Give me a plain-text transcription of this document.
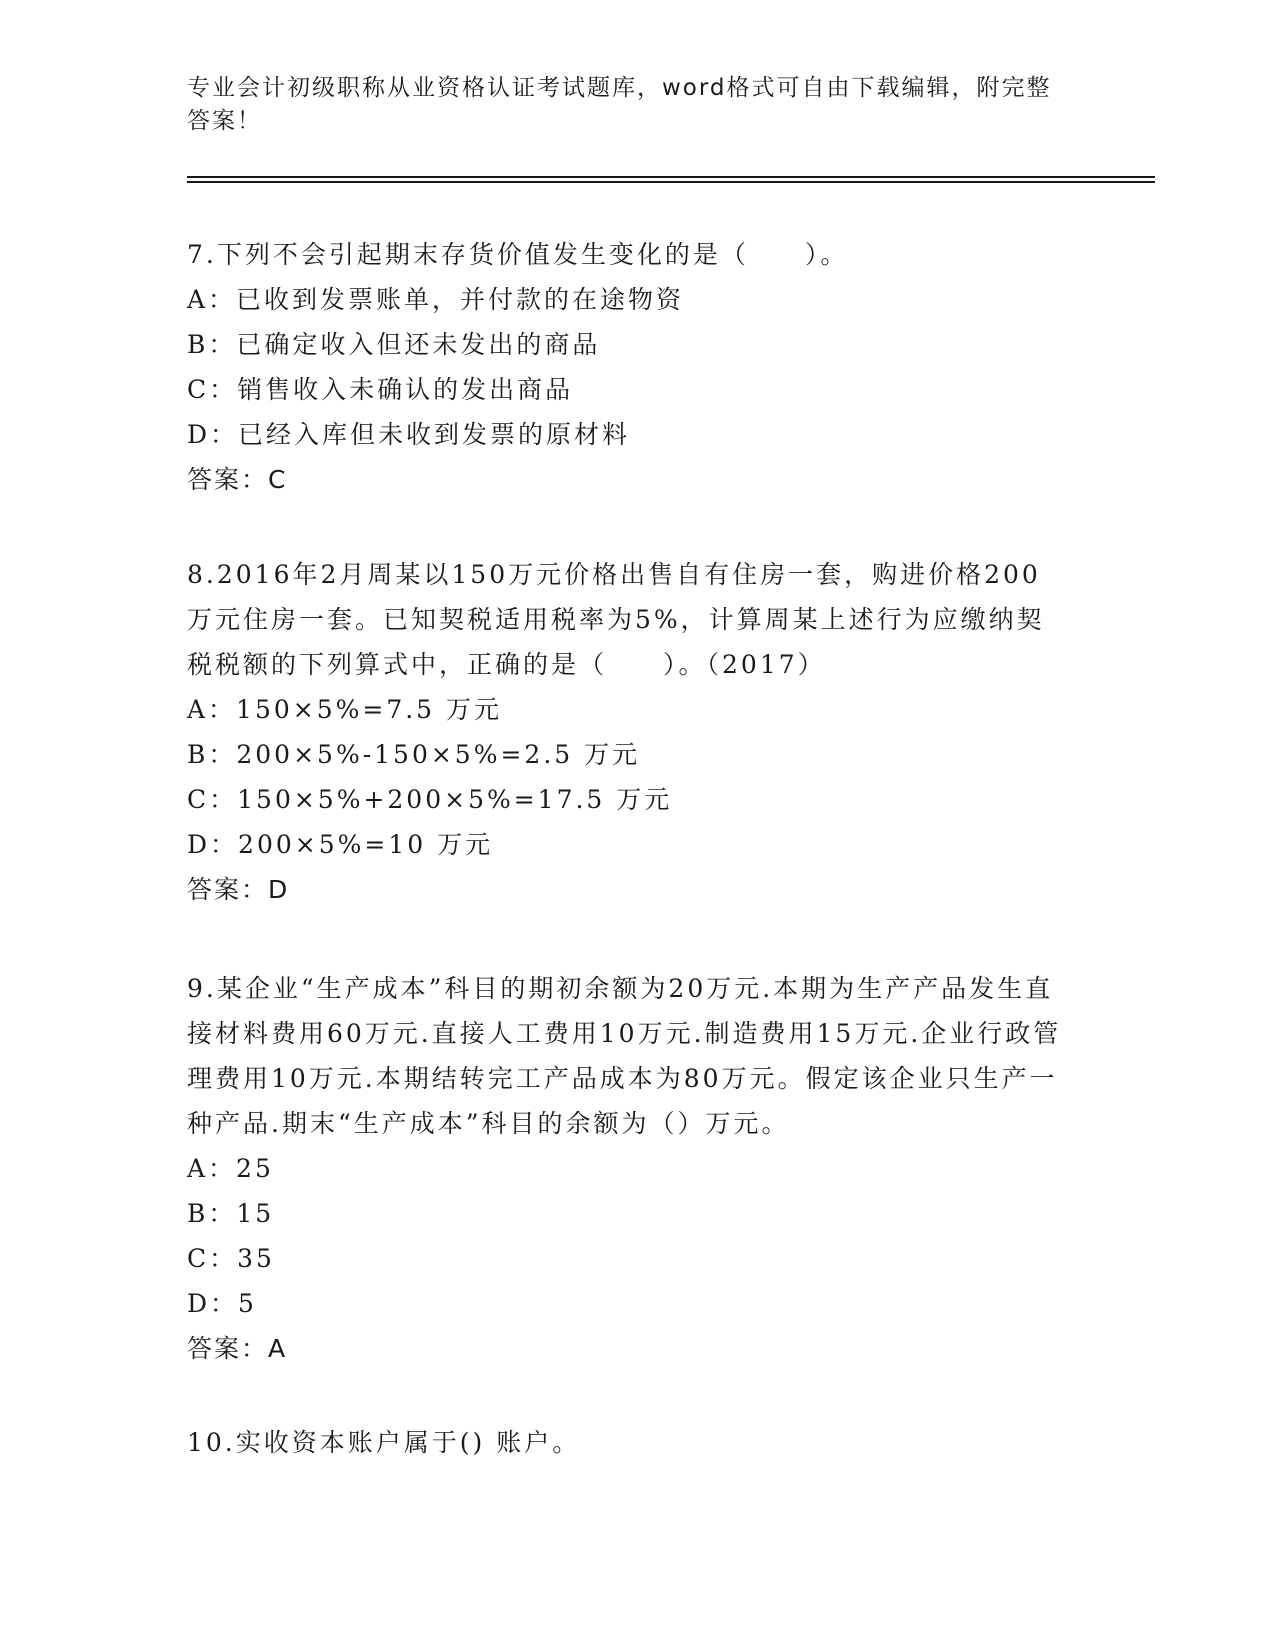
专业会计初级职称从业资格认证考试题库，word格式可自由下载编辑，附完整答案！
7.下列不会引起期末存货价值发生变化的是（　　）。
A：已收到发票账单，并付款的在途物资
B：已确定收入但还未发出的商品
C：销售收入未确认的发出商品
D：已经入库但未收到发票的原材料
答案：C
8.2016年2月周某以150万元价格出售自有住房一套，购进价格200万元住房一套。已知契税适用税率为5%，计算周某上述行为应缴纳契税税额的下列算式中，正确的是（　　）。（2017）
A：150×5%=7.5 万元
B：200×5%-150×5%=2.5 万元
C：150×5%+200×5%=17.5 万元
D：200×5%=10 万元
答案：D
9.某企业“生产成本”科目的期初余额为20万元.本期为生产产品发生直接材料费用60万元.直接人工费用10万元.制造费用15万元.企业行政管理费用10万元.本期结转完工产品成本为80万元。假定该企业只生产一种产品.期末“生产成本”科目的余额为（）万元。
A：25
B：15
C：35
D：5
答案：A
10.实收资本账户属于() 账户。
